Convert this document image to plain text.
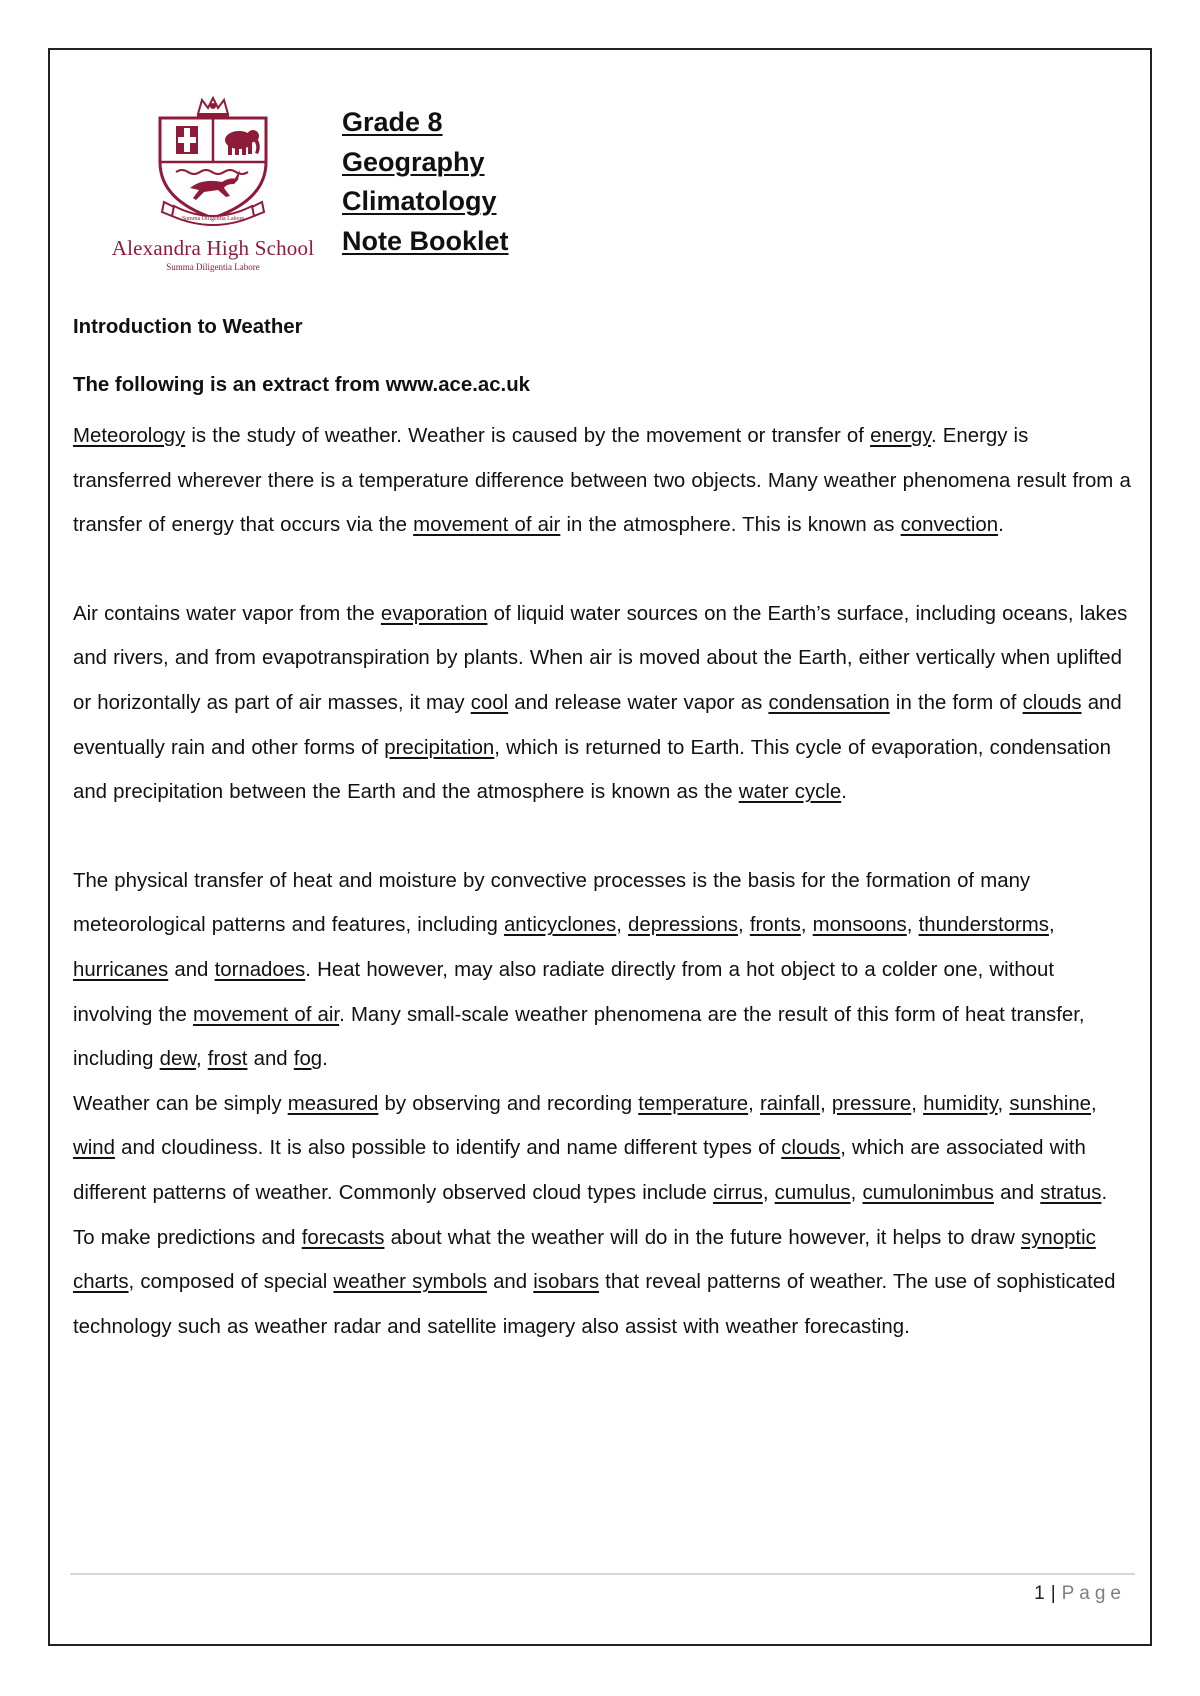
Summa Diligentia Labore
Alexandra High School
Summa Diligentia Labore
Grade 8
Geography
Climatology
Note Booklet

Introduction to Weather

The following is an extract from www.ace.ac.uk

Meteorology is the study of weather. Weather is caused by the movement or transfer of energy. Energy is transferred wherever there is a temperature difference between two objects. Many weather phenomena result from a transfer of energy that occurs via the movement of air in the atmosphere. This is known as convection.

Air contains water vapor from the evaporation of liquid water sources on the Earth’s surface, including oceans, lakes and rivers, and from evapotranspiration by plants. When air is moved about the Earth, either vertically when uplifted or horizontally as part of air masses, it may cool and release water vapor as condensation in the form of clouds and eventually rain and other forms of precipitation, which is returned to Earth. This cycle of evaporation, condensation and precipitation between the Earth and the atmosphere is known as the water cycle.

The physical transfer of heat and moisture by convective processes is the basis for the formation of many meteorological patterns and features, including anticyclones, depressions, fronts, monsoons, thunderstorms, hurricanes and tornadoes. Heat however, may also radiate directly from a hot object to a colder one, without involving the movement of air. Many small-scale weather phenomena are the result of this form of heat transfer, including dew, frost and fog.

Weather can be simply measured by observing and recording temperature, rainfall, pressure, humidity, sunshine, wind and cloudiness. It is also possible to identify and name different types of clouds, which are associated with different patterns of weather. Commonly observed cloud types include cirrus, cumulus, cumulonimbus and stratus. To make predictions and forecasts about what the weather will do in the future however, it helps to draw synoptic charts, composed of special weather symbols and isobars that reveal patterns of weather. The use of sophisticated technology such as weather radar and satellite imagery also assist with weather forecasting.

1 | Page
